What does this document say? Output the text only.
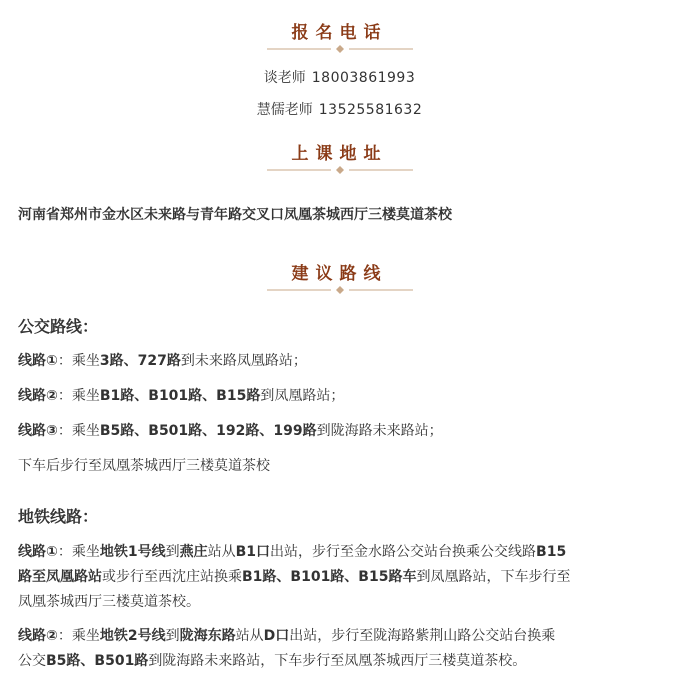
报名电话
谈老师 18003861993
慧儒老师 13525581632
上课地址
河南省郑州市金水区未来路与青年路交叉口凤凰茶城西厅三楼莫道茶校
建议路线
公交路线：
线路①：乘坐3路、727路到未来路凤凰路站；
线路②：乘坐B1路、B101路、B15路到凤凰路站；
线路③：乘坐B5路、B501路、192路、199路到陇海路未来路站；
下车后步行至凤凰茶城西厅三楼莫道茶校
地铁线路：
线路①：乘坐地铁1号线到燕庄站从B1口出站，步行至金水路公交站台换乘公交线路B15
路至凤凰路站或步行至西沈庄站换乘B1路、B101路、B15路车到凤凰路站，下车步行至
凤凰茶城西厅三楼莫道茶校。
线路②：乘坐地铁2号线到陇海东路站从D口出站，步行至陇海路紫荆山路公交站台换乘
公交B5路、B501路到陇海路未来路站，下车步行至凤凰茶城西厅三楼莫道茶校。
